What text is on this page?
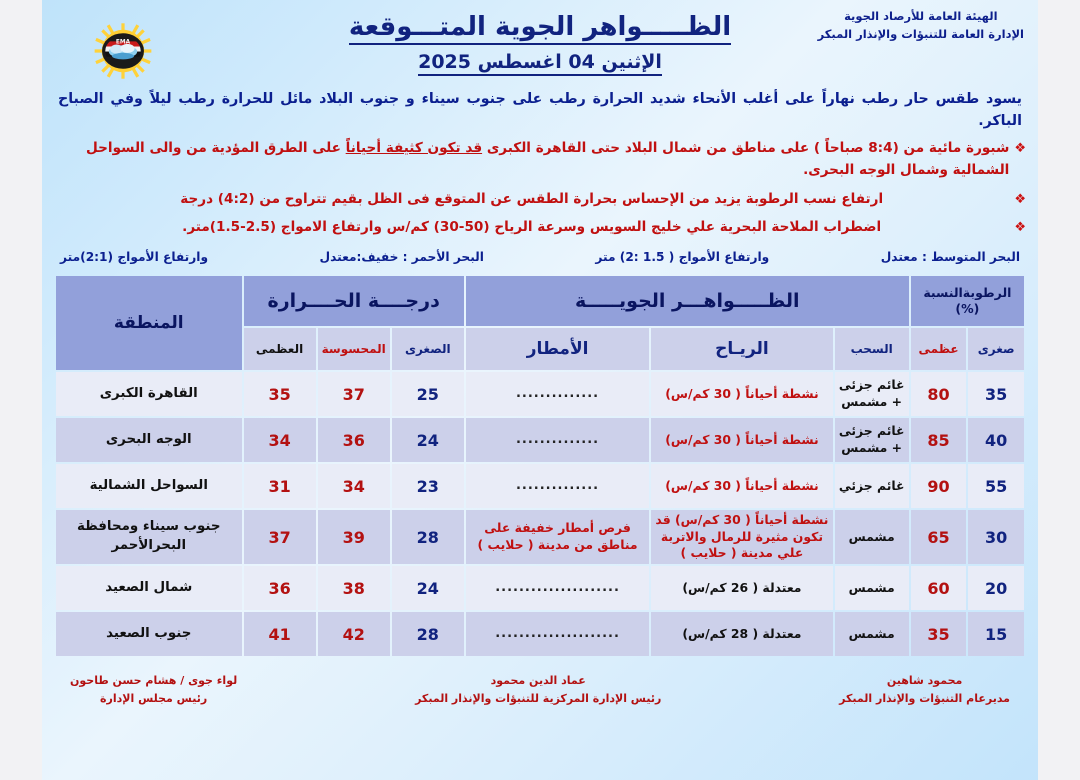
الهيئة العامة للأرصاد الجوية
الإدارة العامة للتنبؤات والإنذار المبكر
EMA
الظـــــواهر الجوية المتـــوقعة
الإثنين 04 اغسطس 2025
يسود طقس حار رطب نهاراً على أغلب الأنحاء شديد الحرارة رطب على جنوب سيناء و جنوب البلاد مائل للحرارة رطب ليلاً وفي الصباح الباكر.
❖
شبورة مائية من (8:4 صباحاً ) على مناطق من شمال البلاد حتى القاهرة الكبرى قد تكون كثيفة أحياناً على الطرق المؤدية من والى السواحل الشمالية وشمال الوجه البحرى.
❖
ارتفاع نسب الرطوبة يزيد من الإحساس بحرارة الطقس عن المتوقع فى الظل بقيم تتراوح من (4:2) درجة
❖
اضطراب الملاحة البحرية علي خليج السويس وسرعة الرياح (50-30) كم/س وارتفاع الامواج (2.5-1.5)متر.
البحر المتوسط : معتدل
وارتفاع الأمواج ( 1.5 :2) متر
البحر الأحمر : خفيف:معتدل
وارتفاع الأمواج (2:1)متر
الرطوبةالنسبة (%)		الظـــــواهـــر الجويـــــة			درجــــة الحــــرارة			المنطقة
صغرى	عظمى	السحب	الريـاح	الأمطار	الصغرى	المحسوسة	العظمى	
35	80	غائم جزئى + مشمس	نشطة أحياناً ( 30 كم/س)	..............	25	37	35	القاهرة الكبرى
40	85	غائم جزئى + مشمس	نشطة أحياناً ( 30 كم/س)	..............	24	36	34	الوجه البحرى
55	90	غائم جزئي	نشطة أحياناً ( 30 كم/س)	..............	23	34	31	السواحل الشمالية
30	65	مشمس	نشطة أحياناً ( 30 كم/س) قد تكون مثيرة للرمال والاتربة علي مدينة ( حلايب )	فرص أمطار خفيفة على مناطق من مدينة ( حلايب )	28	39	37	جنوب سيناء ومحافظة البحرالأحمر
20	60	مشمس	معتدلة ( 26 كم/س)	.....................	24	38	36	شمال الصعيد
15	35	مشمس	معتدلة ( 28 كم/س)	.....................	28	42	41	جنوب الصعيد
محمود شاهين
مديرعام التنبؤات والإنذار المبكر
عماد الدين محمود
رئيس الإدارة المركزية للتنبؤات والإنذار المبكر
لواء جوى / هشام حسن طاحون
رئيس مجلس الإدارة
